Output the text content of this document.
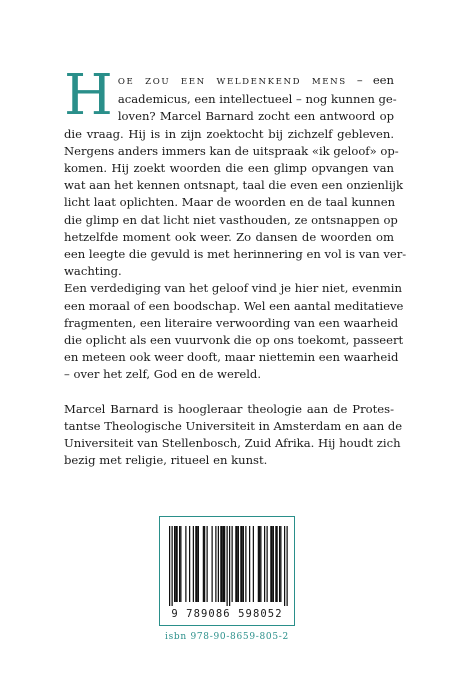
H OE ZOU EEN WELDENKEND MENS – een
academicus, een intellectueel – nog kunnen ge-
loven? Marcel Barnard zocht een antwoord op
die vraag. Hij is in zijn zoektocht bij zichzelf gebleven.
Nergens anders immers kan de uitspraak «ik geloof» op-
komen. Hij zoekt woorden die een glimp opvangen van
wat aan het kennen ontsnapt, taal die even een onzienlijk
licht laat oplichten. Maar de woorden en de taal kunnen
die glimp en dat licht niet vasthouden, ze ontsnappen op
hetzelfde moment ook weer. Zo dansen de woorden om
een leegte die gevuld is met herinnering en vol is van ver-
wachting.
Een verdediging van het geloof vind je hier niet, evenmin
een moraal of een boodschap. Wel een aantal meditatieve
fragmenten, een literaire verwoording van een waarheid
die oplicht als een vuurvonk die op ons toekomt, passeert
en meteen ook weer dooft, maar niettemin een waarheid
– over het zelf, God en de wereld.
Marcel Barnard is hoogleraar theologie aan de Protes-
tantse Theologische Universiteit in Amsterdam en aan de
Universiteit van Stellenbosch, Zuid Afrika. Hij houdt zich
bezig met religie, ritueel en kunst.
9 789086 598052
isbn 978-90-8659-805-2
